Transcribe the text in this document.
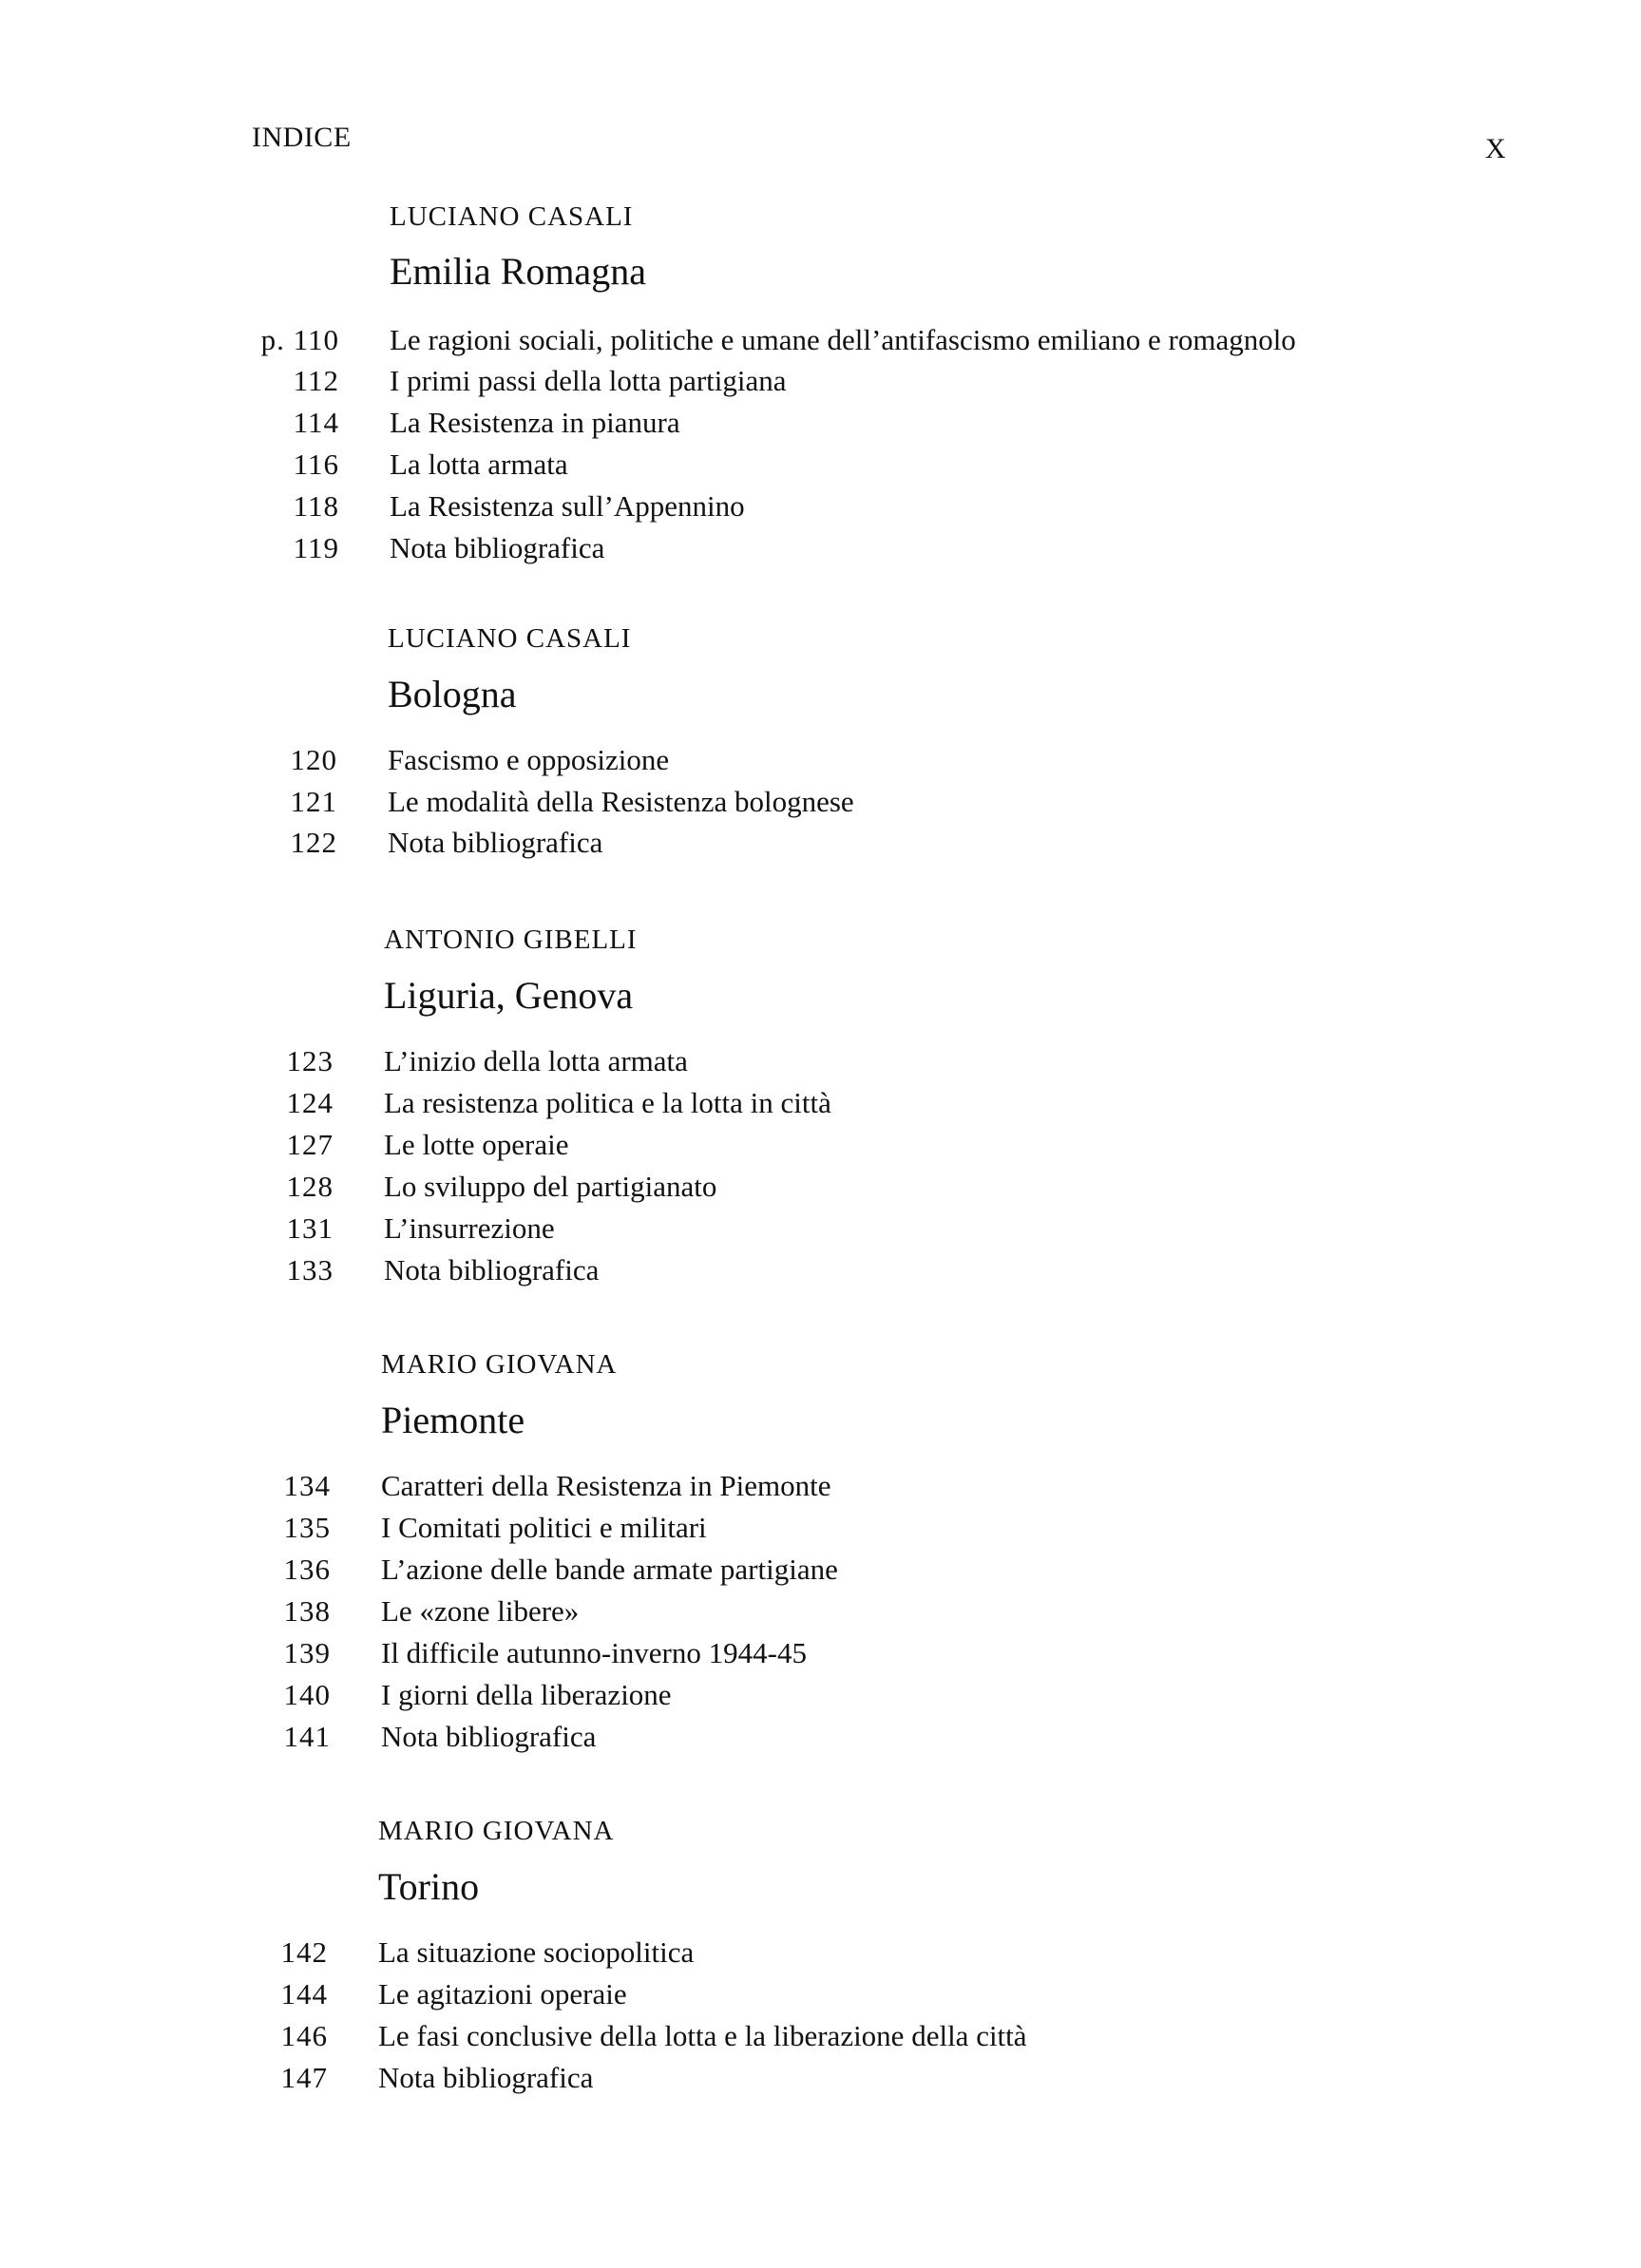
INDICE	X
LUCIANO CASALI
Emilia Romagna
p. 110 Le ragioni sociali, politiche e umane dell’antifascismo emiliano e romagnolo
112 I primi passi della lotta partigiana
114 La Resistenza in pianura
116 La lotta armata
118 La Resistenza sull’Appennino
119 Nota bibliografica
LUCIANO CASALI
Bologna
120 Fascismo e opposizione
121 Le modalità della Resistenza bolognese
122 Nota bibliografica
ANTONIO GIBELLI
Liguria, Genova
123 L’inizio della lotta armata
124 La resistenza politica e la lotta in città
127 Le lotte operaie
128 Lo sviluppo del partigianato
131 L’insurrezione
133 Nota bibliografica
MARIO GIOVANA
Piemonte
134 Caratteri della Resistenza in Piemonte
135 I Comitati politici e militari
136 L’azione delle bande armate partigiane
138 Le «zone libere»
139 Il difficile autunno-inverno 1944-45
140 I giorni della liberazione
141 Nota bibliografica
MARIO GIOVANA
Torino
142 La situazione sociopolitica
144 Le agitazioni operaie
146 Le fasi conclusive della lotta e la liberazione della città
147 Nota bibliografica
